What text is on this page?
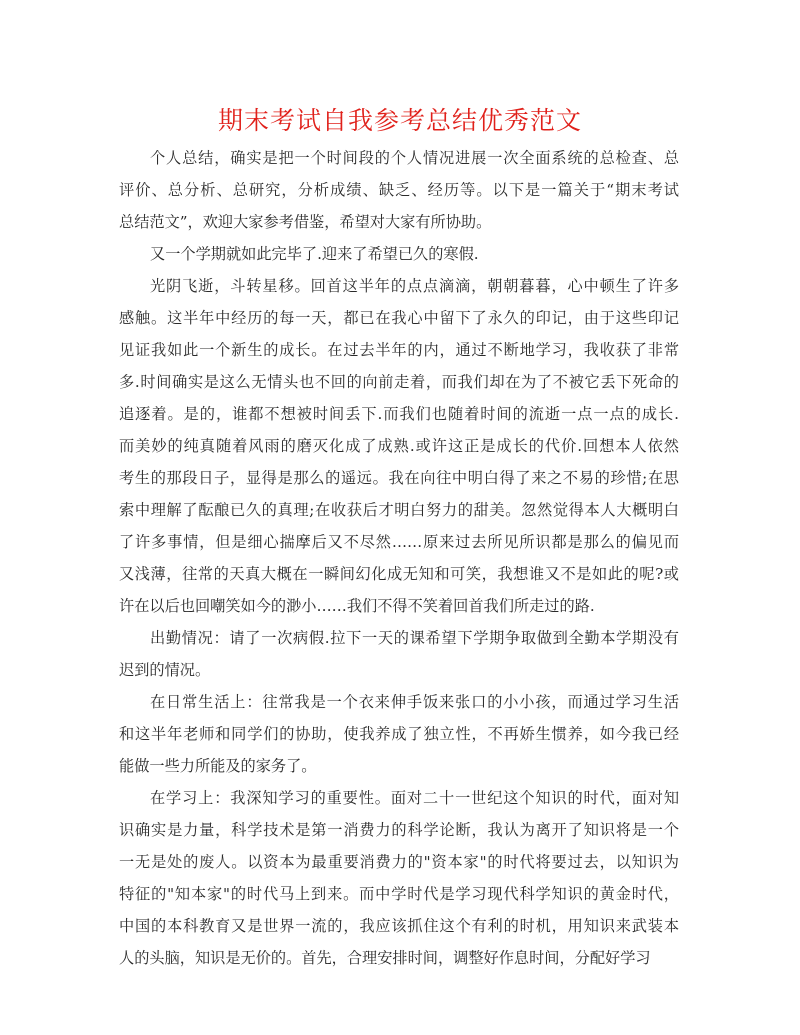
期末考试自我参考总结优秀范文

个人总结，确实是把一个时间段的个人情况进展一次全面系统的总检查、总
评价、总分析、总研究，分析成绩、缺乏、经历等。以下是一篇关于“期末考试
总结范文”，欢迎大家参考借鉴，希望对大家有所协助。

又一个学期就如此完毕了.迎来了希望已久的寒假.

光阴飞逝，斗转星移。回首这半年的点点滴滴，朝朝暮暮，心中顿生了许多
感触。这半年中经历的每一天，都已在我心中留下了永久的印记，由于这些印记
见证我如此一个新生的成长。在过去半年的内，通过不断地学习，我收获了非常
多.时间确实是这么无情头也不回的向前走着，而我们却在为了不被它丢下死命的
追逐着。是的，谁都不想被时间丢下.而我们也随着时间的流逝一点一点的成长.
而美妙的纯真随着风雨的磨灭化成了成熟.或许这正是成长的代价.回想本人依然
考生的那段日子，显得是那么的遥远。我在向往中明白得了来之不易的珍惜;在思
索中理解了酝酿已久的真理;在收获后才明白努力的甜美。忽然觉得本人大概明白
了许多事情，但是细心揣摩后又不尽然……原来过去所见所识都是那么的偏见而
又浅薄，往常的天真大概在一瞬间幻化成无知和可笑，我想谁又不是如此的呢?或
许在以后也回嘲笑如今的渺小……我们不得不笑着回首我们所走过的路.

出勤情况：请了一次病假.拉下一天的课希望下学期争取做到全勤本学期没有
迟到的情况。

在日常生活上：往常我是一个衣来伸手饭来张口的小小孩，而通过学习生活
和这半年老师和同学们的协助，使我养成了独立性，不再娇生惯养，如今我已经
能做一些力所能及的家务了。

在学习上：我深知学习的重要性。面对二十一世纪这个知识的时代，面对知
识确实是力量，科学技术是第一消费力的科学论断，我认为离开了知识将是一个
一无是处的废人。以资本为最重要消费力的"资本家"的时代将要过去，以知识为
特征的"知本家"的时代马上到来。而中学时代是学习现代科学知识的黄金时代，
中国的本科教育又是世界一流的，我应该抓住这个有利的时机，用知识来武装本
人的头脑，知识是无价的。首先，合理安排时间，调整好作息时间，分配好学习
